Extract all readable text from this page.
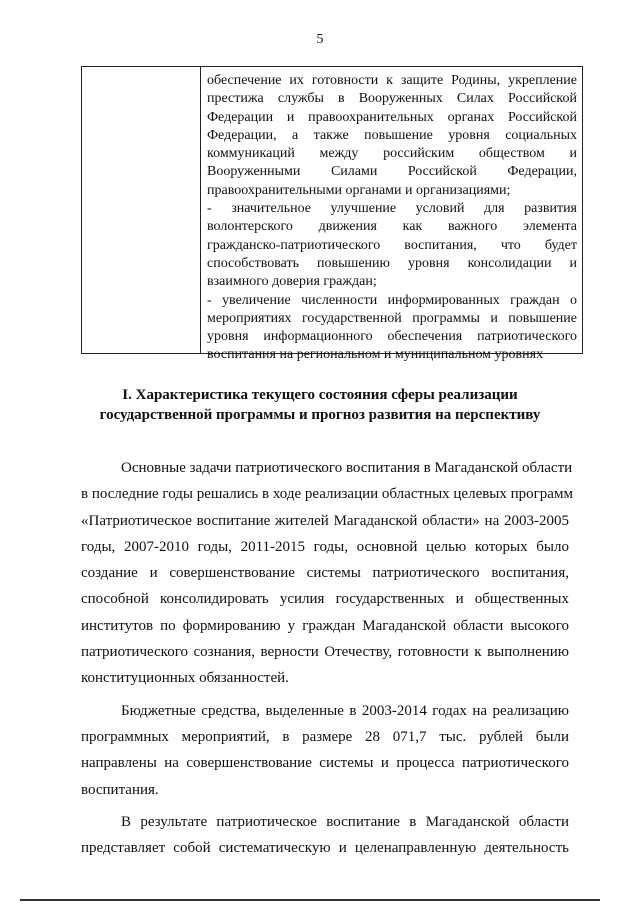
5
обеспечение их готовности к защите Родины, укрепление
престижа службы в Вооруженных Силах Российской
Федерации и правоохранительных органах Российской
Федерации, а также повышение уровня социальных
коммуникаций между российским обществом и
Вооруженными Силами Российской Федерации,
правоохранительными органами и организациями;
- значительное улучшение условий для развития
волонтерского движения как важного элемента
гражданско-патриотического воспитания, что будет
способствовать повышению уровня консолидации и
взаимного доверия граждан;
- увеличение численности информированных граждан о
мероприятиях государственной программы и повышение
уровня информационного обеспечения патриотического
воспитания на региональном и муниципальном уровнях
I. Характеристика текущего состояния сферы реализации
государственной программы и прогноз развития на перспективу
Основные задачи патриотического воспитания в Магаданской области
в последние годы решались в ходе реализации областных целевых программ
«Патриотическое воспитание жителей Магаданской области» на 2003-2005
годы, 2007-2010 годы, 2011-2015 годы, основной целью которых было
создание и совершенствование системы патриотического воспитания,
способной консолидировать усилия государственных и общественных
институтов по формированию у граждан Магаданской области высокого
патриотического сознания, верности Отечеству, готовности к выполнению
конституционных обязанностей.
Бюджетные средства, выделенные в 2003-2014 годах на реализацию
программных мероприятий, в размере 28 071,7 тыс. рублей были
направлены на совершенствование системы и процесса патриотического
воспитания.
В результате патриотическое воспитание в Магаданской области
представляет собой систематическую и целенаправленную деятельность
